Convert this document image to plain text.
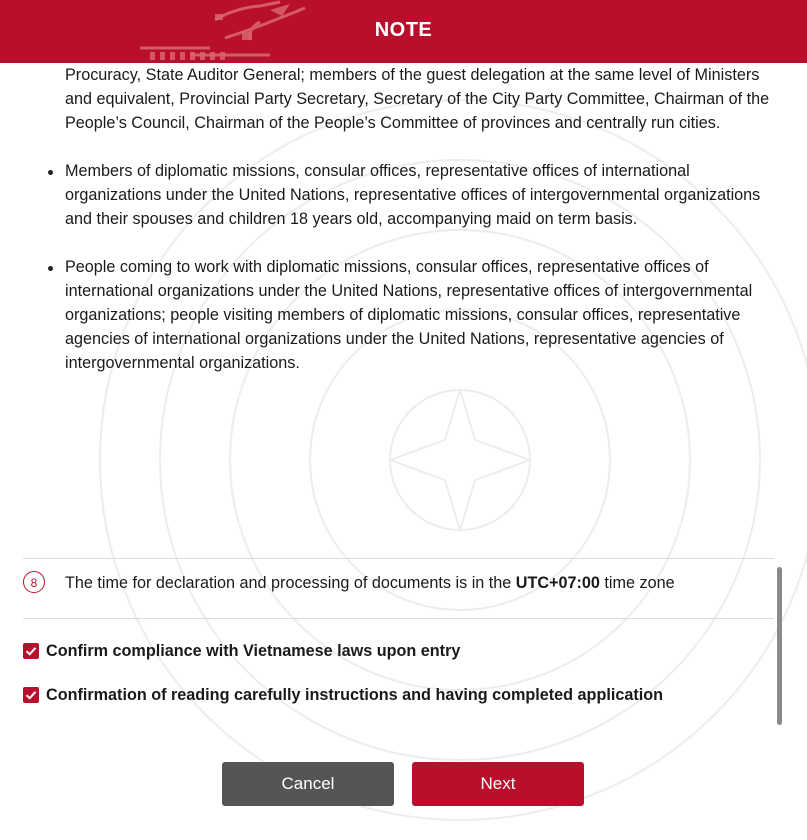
NOTE
Procuracy, State Auditor General; members of the guest delegation at the same level of Ministers and equivalent, Provincial Party Secretary, Secretary of the City Party Committee, Chairman of the People’s Council, Chairman of the People’s Committee of provinces and centrally run cities.
Members of diplomatic missions, consular offices, representative offices of international organizations under the United Nations, representative offices of intergovernmental organizations and their spouses and children 18 years old, accompanying maid on term basis.
People coming to work with diplomatic missions, consular offices, representative offices of international organizations under the United Nations, representative offices of intergovernmental organizations; people visiting members of diplomatic missions, consular offices, representative agencies of international organizations under the United Nations, representative agencies of intergovernmental organizations.
8	The time for declaration and processing of documents is in the UTC+07:00 time zone
Confirm compliance with Vietnamese laws upon entry
Confirmation of reading carefully instructions and having completed application
Cancel	Next
